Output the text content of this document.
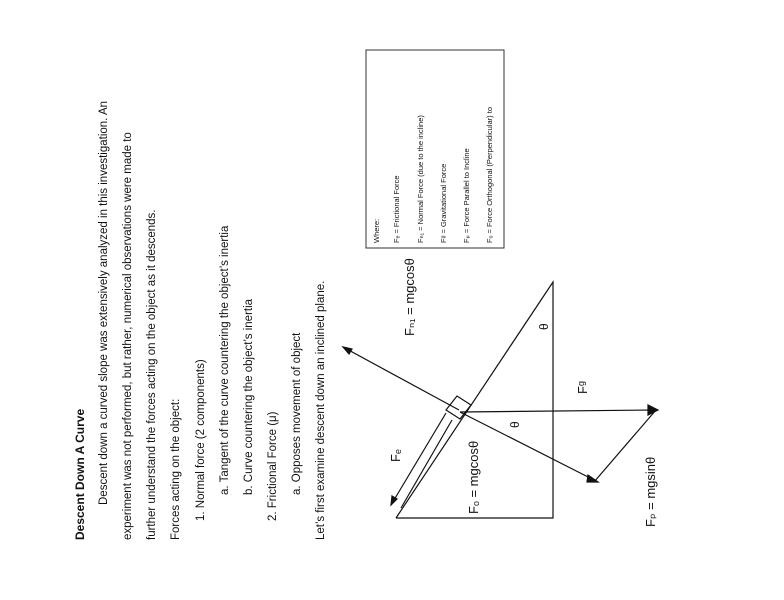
Descent Down A Curve Descent down a curved slope was extensively analyzed in this investigation. An experiment was not performed, but rather, numerical observations were made to further understand the forces acting on the object as it descends. Forces acting on the object: 1. Normal force (2 components) a. Tangent of the curve countering the object’s inertia b. Curve countering the object’s inertia 2. Frictional Force (μ) a. Opposes movement of object Let’s first examine descent down an inclined plane.
Where: Fₑ = Frictional Force Fₙ₁ = Normal Force (due to the incline) Fᵍ = Gravitational Force Fₚ = Force Parallel to Incline Fₒ = Force Orthogonal (Perpendicular) to
Fₙ₁ = mgcosθ
Fₑ	Fₒ = mgcosθ
Fᵍ
Fₚ = mgsinθ
θ
θ
